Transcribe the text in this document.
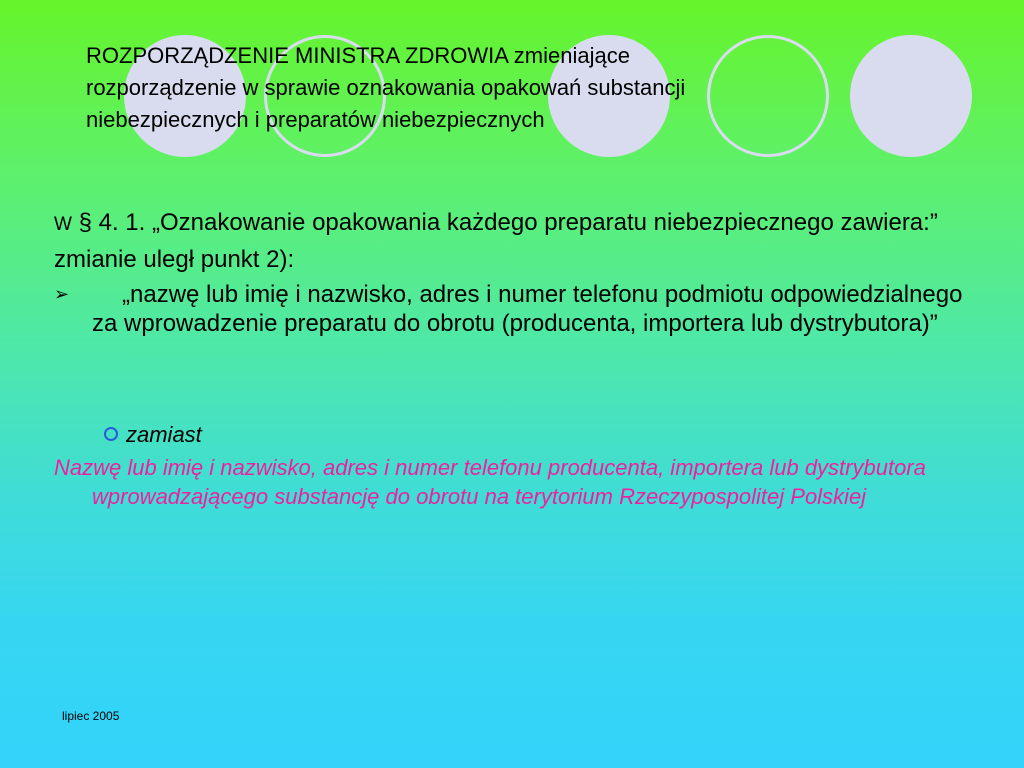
ROZPORZĄDZENIE MINISTRA ZDROWIA zmieniające
rozporządzenie w sprawie oznakowania opakowań substancji
niebezpiecznych i preparatów niebezpiecznych
W § 4. 1. „Oznakowanie opakowania każdego preparatu niebezpiecznego zawiera:”
zmianie uległ punkt 2):
➢	„nazwę lub imię i nazwisko, adres i numer telefonu podmiotu odpowiedzialnego za wprowadzenie preparatu do obrotu (producenta, importera lub dystrybutora)”
zamiast
Nazwę lub imię i nazwisko, adres i numer telefonu producenta, importera lub dystrybutora wprowadzającego substancję do obrotu na terytorium Rzeczypospolitej Polskiej
lipiec 2005
